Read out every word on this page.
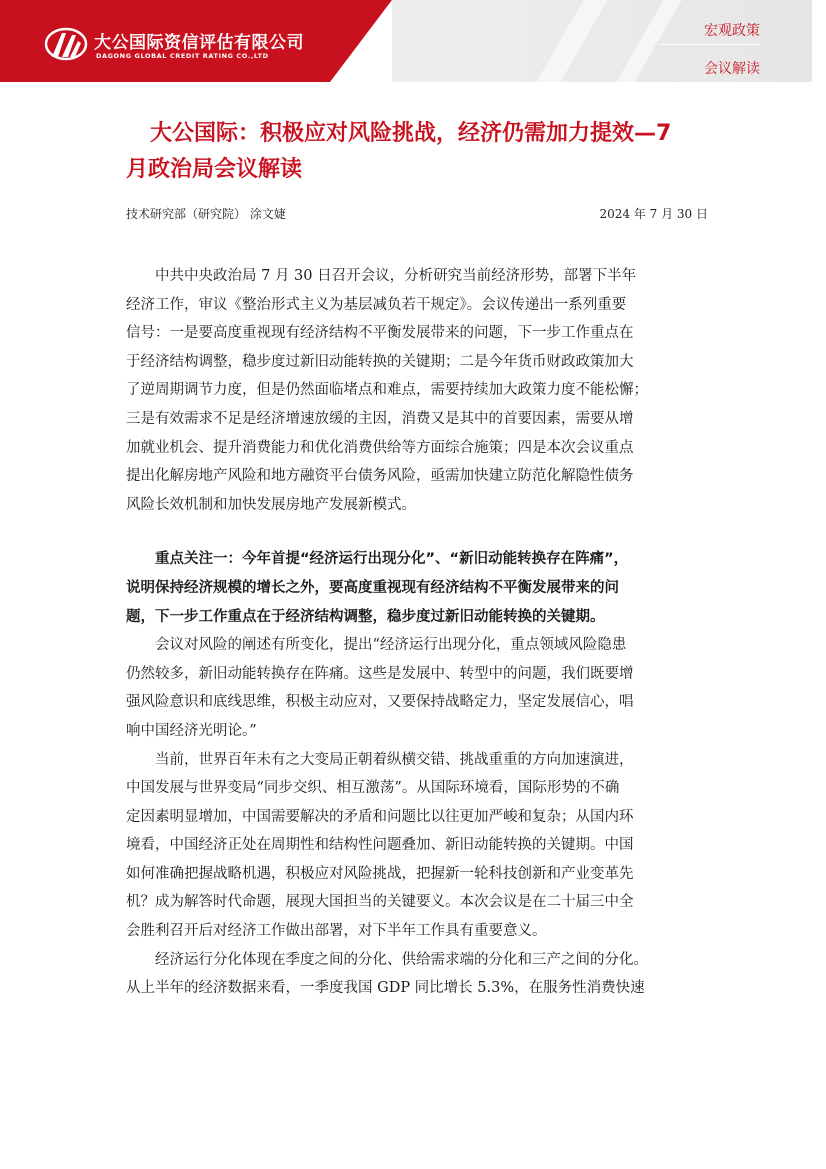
大公国际资信评估有限公司
DAGONG GLOBAL CREDIT RATING CO.,LTD
宏观政策
会议解读
大公国际：积极应对风险挑战，经济仍需加力提效—7
月政治局会议解读
技术研究部（研究院） 涂文婕	2024 年 7 月 30 日
中共中央政治局 7 月 30 日召开会议，分析研究当前经济形势，部署下半年
经济工作，审议《整治形式主义为基层减负若干规定》。会议传递出一系列重要
信号：一是要高度重视现有经济结构不平衡发展带来的问题，下一步工作重点在
于经济结构调整，稳步度过新旧动能转换的关键期；二是今年货币财政政策加大
了逆周期调节力度，但是仍然面临堵点和难点，需要持续加大政策力度不能松懈；
三是有效需求不足是经济增速放缓的主因，消费又是其中的首要因素，需要从增
加就业机会、提升消费能力和优化消费供给等方面综合施策；四是本次会议重点
提出化解房地产风险和地方融资平台债务风险，亟需加快建立防范化解隐性债务
风险长效机制和加快发展房地产发展新模式。
重点关注一：今年首提“经济运行出现分化”、“新旧动能转换存在阵痛”，
说明保持经济规模的增长之外，要高度重视现有经济结构不平衡发展带来的问
题，下一步工作重点在于经济结构调整，稳步度过新旧动能转换的关键期。
会议对风险的阐述有所变化，提出“经济运行出现分化，重点领域风险隐患
仍然较多，新旧动能转换存在阵痛。这些是发展中、转型中的问题，我们既要增
强风险意识和底线思维，积极主动应对，又要保持战略定力，坚定发展信心，唱
响中国经济光明论。”
当前，世界百年未有之大变局正朝着纵横交错、挑战重重的方向加速演进，
中国发展与世界变局“同步交织、相互激荡”。从国际环境看，国际形势的不确
定因素明显增加，中国需要解决的矛盾和问题比以往更加严峻和复杂；从国内环
境看，中国经济正处在周期性和结构性问题叠加、新旧动能转换的关键期。中国
如何准确把握战略机遇，积极应对风险挑战，把握新一轮科技创新和产业变革先
机？成为解答时代命题，展现大国担当的关键要义。本次会议是在二十届三中全
会胜利召开后对经济工作做出部署，对下半年工作具有重要意义。
经济运行分化体现在季度之间的分化、供给需求端的分化和三产之间的分化。
从上半年的经济数据来看，一季度我国 GDP 同比增长 5.3%，在服务性消费快速
